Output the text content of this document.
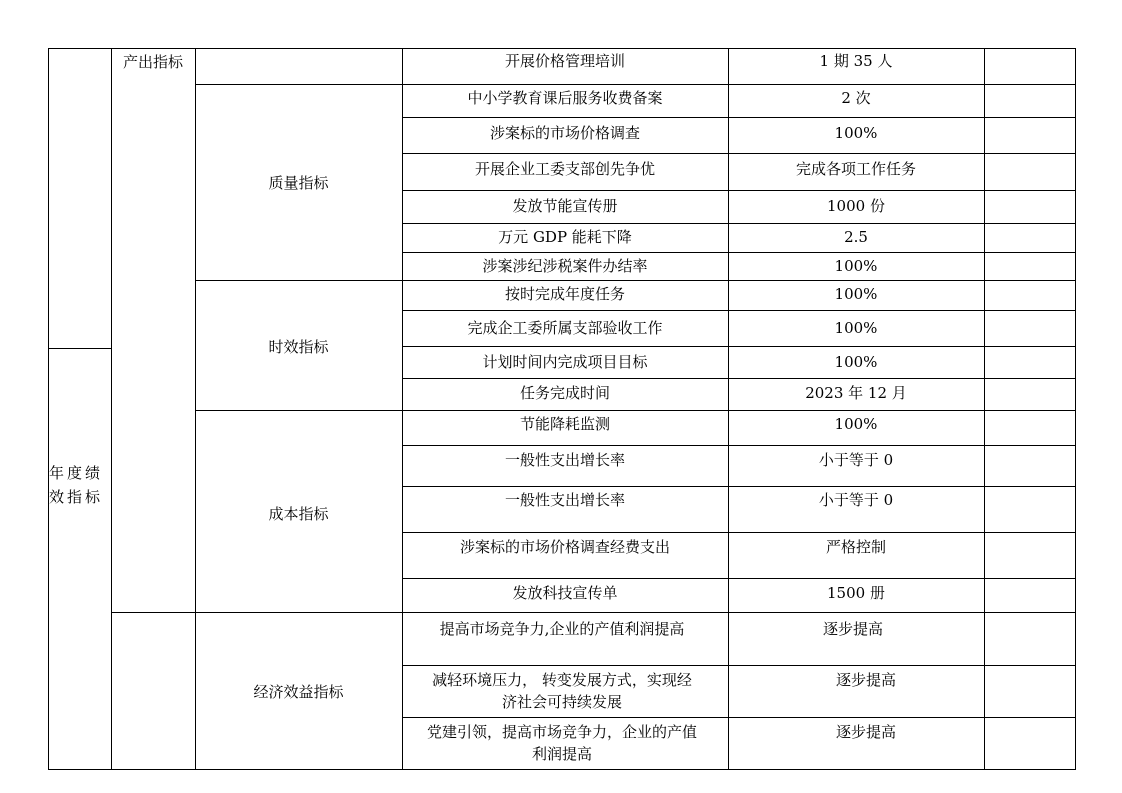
年度绩效指标
产出指标
质量指标
时效指标
成本指标
经济效益指标
开展价格管理培训
中小学教育课后服务收费备案
涉案标的市场价格调查
开展企业工委支部创先争优
发放节能宣传册
万元 GDP 能耗下降
涉案涉纪涉税案件办结率
按时完成年度任务
完成企工委所属支部验收工作
计划时间内完成项目目标
任务完成时间
节能降耗监测
一般性支出增长率
一般性支出增长率
涉案标的市场价格调查经费支出
发放科技宣传单
提高市场竞争力,企业的产值利润提高
减轻环境压力， 转变发展方式，实现经济社会可持续发展
党建引领，提高市场竞争力，企业的产值利润提高
1 期 35 人
2 次
100%
完成各项工作任务
1000 份
2.5
100%
100%
100%
100%
2023 年 12 月
100%
小于等于 0
小于等于 0
严格控制
1500 册
逐步提高
逐步提高
逐步提高
